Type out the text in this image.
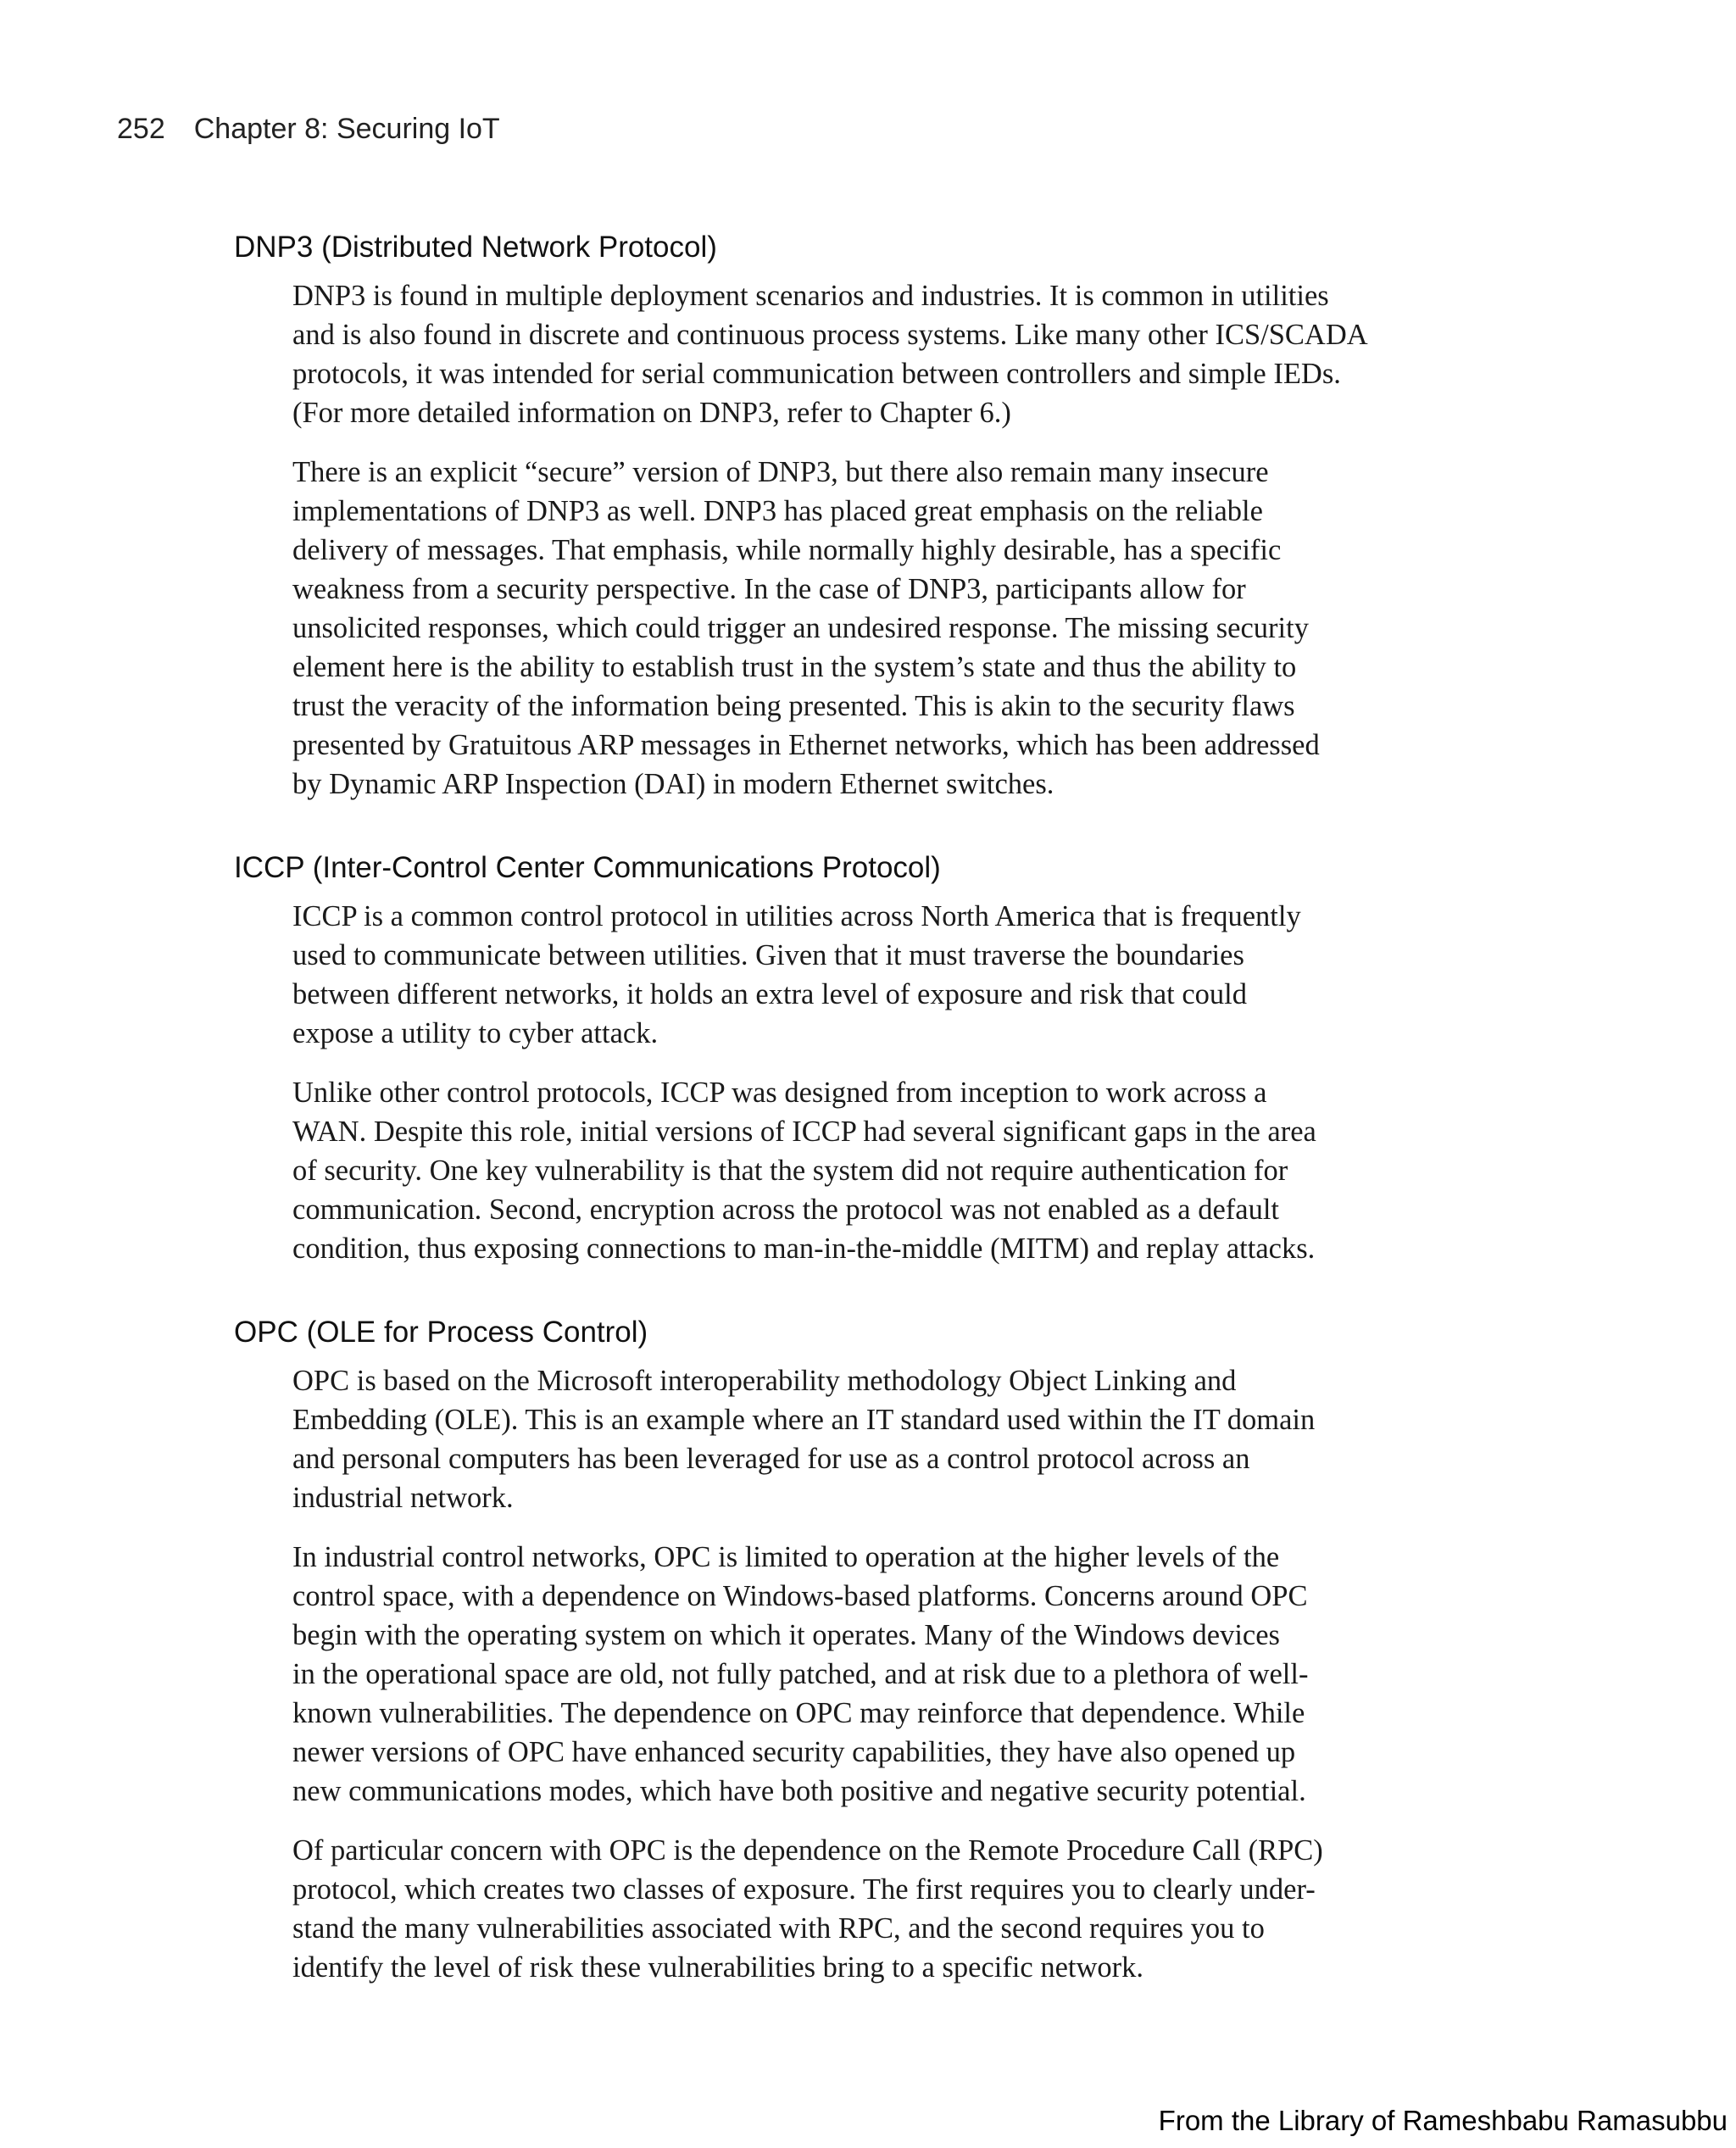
252 Chapter 8: Securing IoT
DNP3 (Distributed Network Protocol)

DNP3 is found in multiple deployment scenarios and industries. It is common in utilities
and is also found in discrete and continuous process systems. Like many other ICS/SCADA
protocols, it was intended for serial communication between controllers and simple IEDs.
(For more detailed information on DNP3, refer to Chapter 6.)

There is an explicit “secure” version of DNP3, but there also remain many insecure
implementations of DNP3 as well. DNP3 has placed great emphasis on the reliable
delivery of messages. That emphasis, while normally highly desirable, has a specific
weakness from a security perspective. In the case of DNP3, participants allow for
unsolicited responses, which could trigger an undesired response. The missing security
element here is the ability to establish trust in the system’s state and thus the ability to
trust the veracity of the information being presented. This is akin to the security flaws
presented by Gratuitous ARP messages in Ethernet networks, which has been addressed
by Dynamic ARP Inspection (DAI) in modern Ethernet switches.

ICCP (Inter-Control Center Communications Protocol)

ICCP is a common control protocol in utilities across North America that is frequently
used to communicate between utilities. Given that it must traverse the boundaries
between different networks, it holds an extra level of exposure and risk that could
expose a utility to cyber attack.

Unlike other control protocols, ICCP was designed from inception to work across a
WAN. Despite this role, initial versions of ICCP had several significant gaps in the area
of security. One key vulnerability is that the system did not require authentication for
communication. Second, encryption across the protocol was not enabled as a default
condition, thus exposing connections to man-in-the-middle (MITM) and replay attacks.

OPC (OLE for Process Control)

OPC is based on the Microsoft interoperability methodology Object Linking and
Embedding (OLE). This is an example where an IT standard used within the IT domain
and personal computers has been leveraged for use as a control protocol across an
industrial network.

In industrial control networks, OPC is limited to operation at the higher levels of the
control space, with a dependence on Windows-based platforms. Concerns around OPC
begin with the operating system on which it operates. Many of the Windows devices
in the operational space are old, not fully patched, and at risk due to a plethora of well-
known vulnerabilities. The dependence on OPC may reinforce that dependence. While
newer versions of OPC have enhanced security capabilities, they have also opened up
new communications modes, which have both positive and negative security potential.

Of particular concern with OPC is the dependence on the Remote Procedure Call (RPC)
protocol, which creates two classes of exposure. The first requires you to clearly under-
stand the many vulnerabilities associated with RPC, and the second requires you to
identify the level of risk these vulnerabilities bring to a specific network.

From the Library of Rameshbabu Ramasubbu
